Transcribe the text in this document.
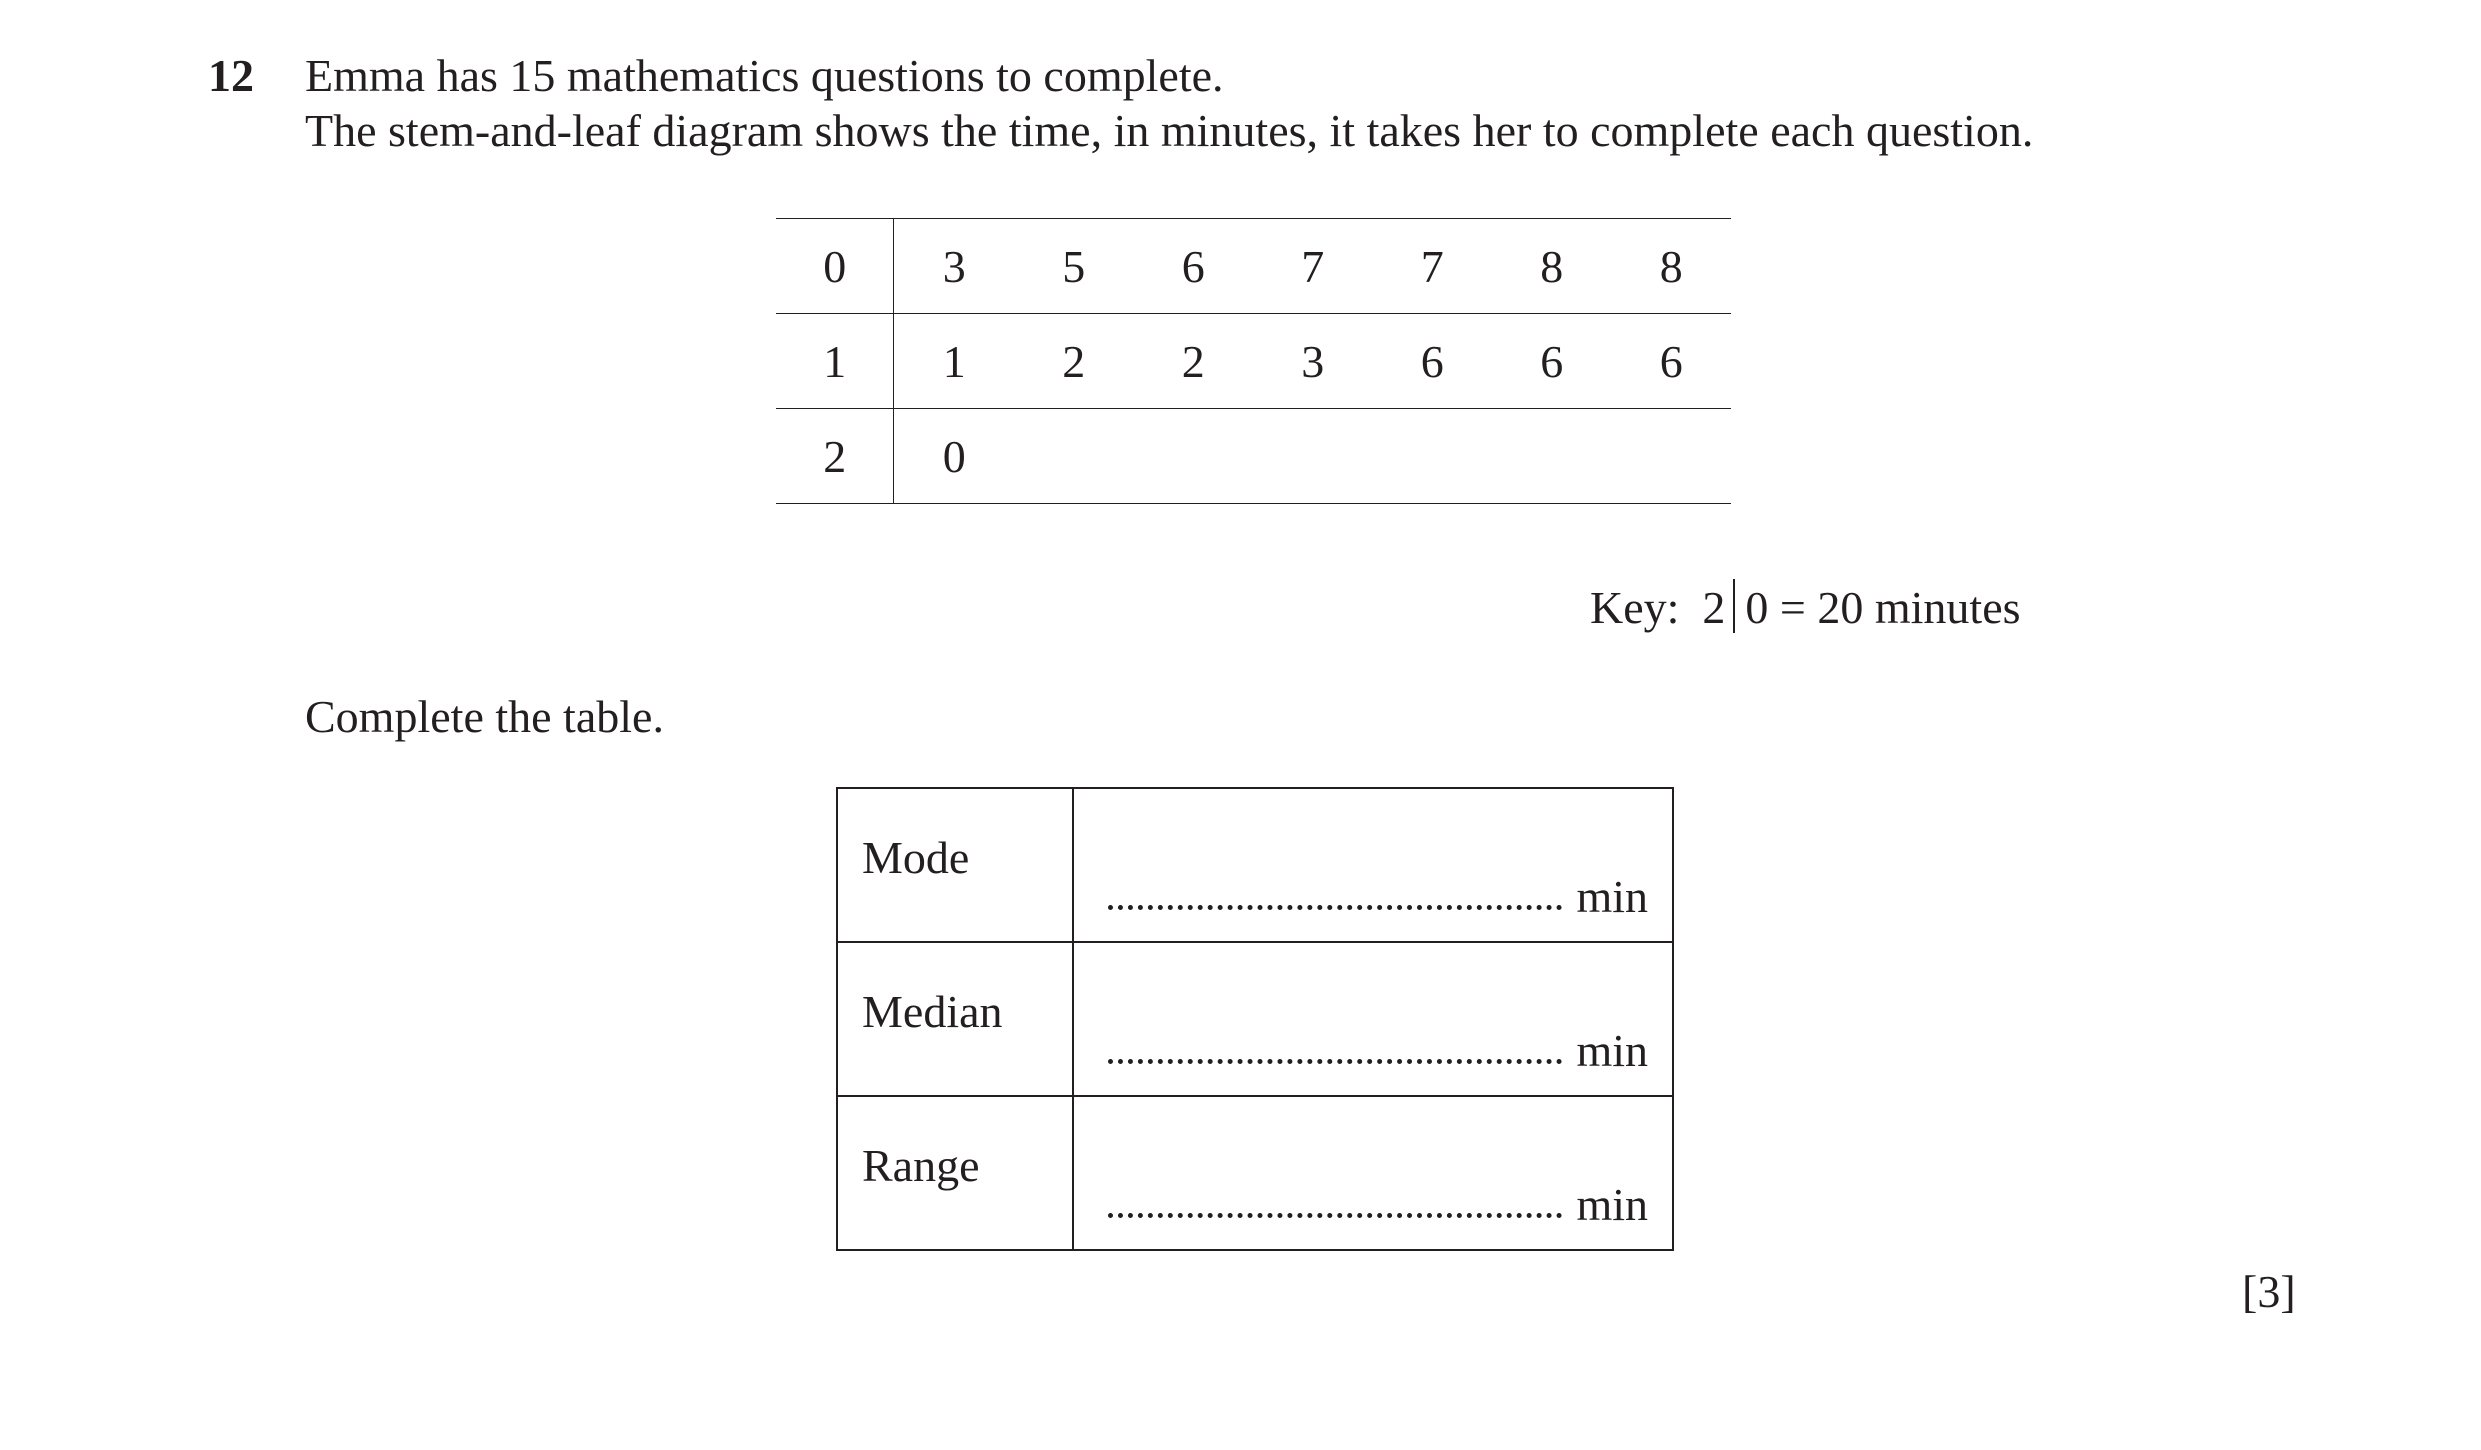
12 Emma has 15 mathematics questions to complete.
The stem-and-leaf diagram shows the time, in minutes, it takes her to complete each question.
0	3	5	6	7	7	8	8
1	1	2	2	3	6	6	6
2	0						
Key: 2 0 = 20 minutes
Complete the table.
Mode	min

Median	min

Range	min
[3]
